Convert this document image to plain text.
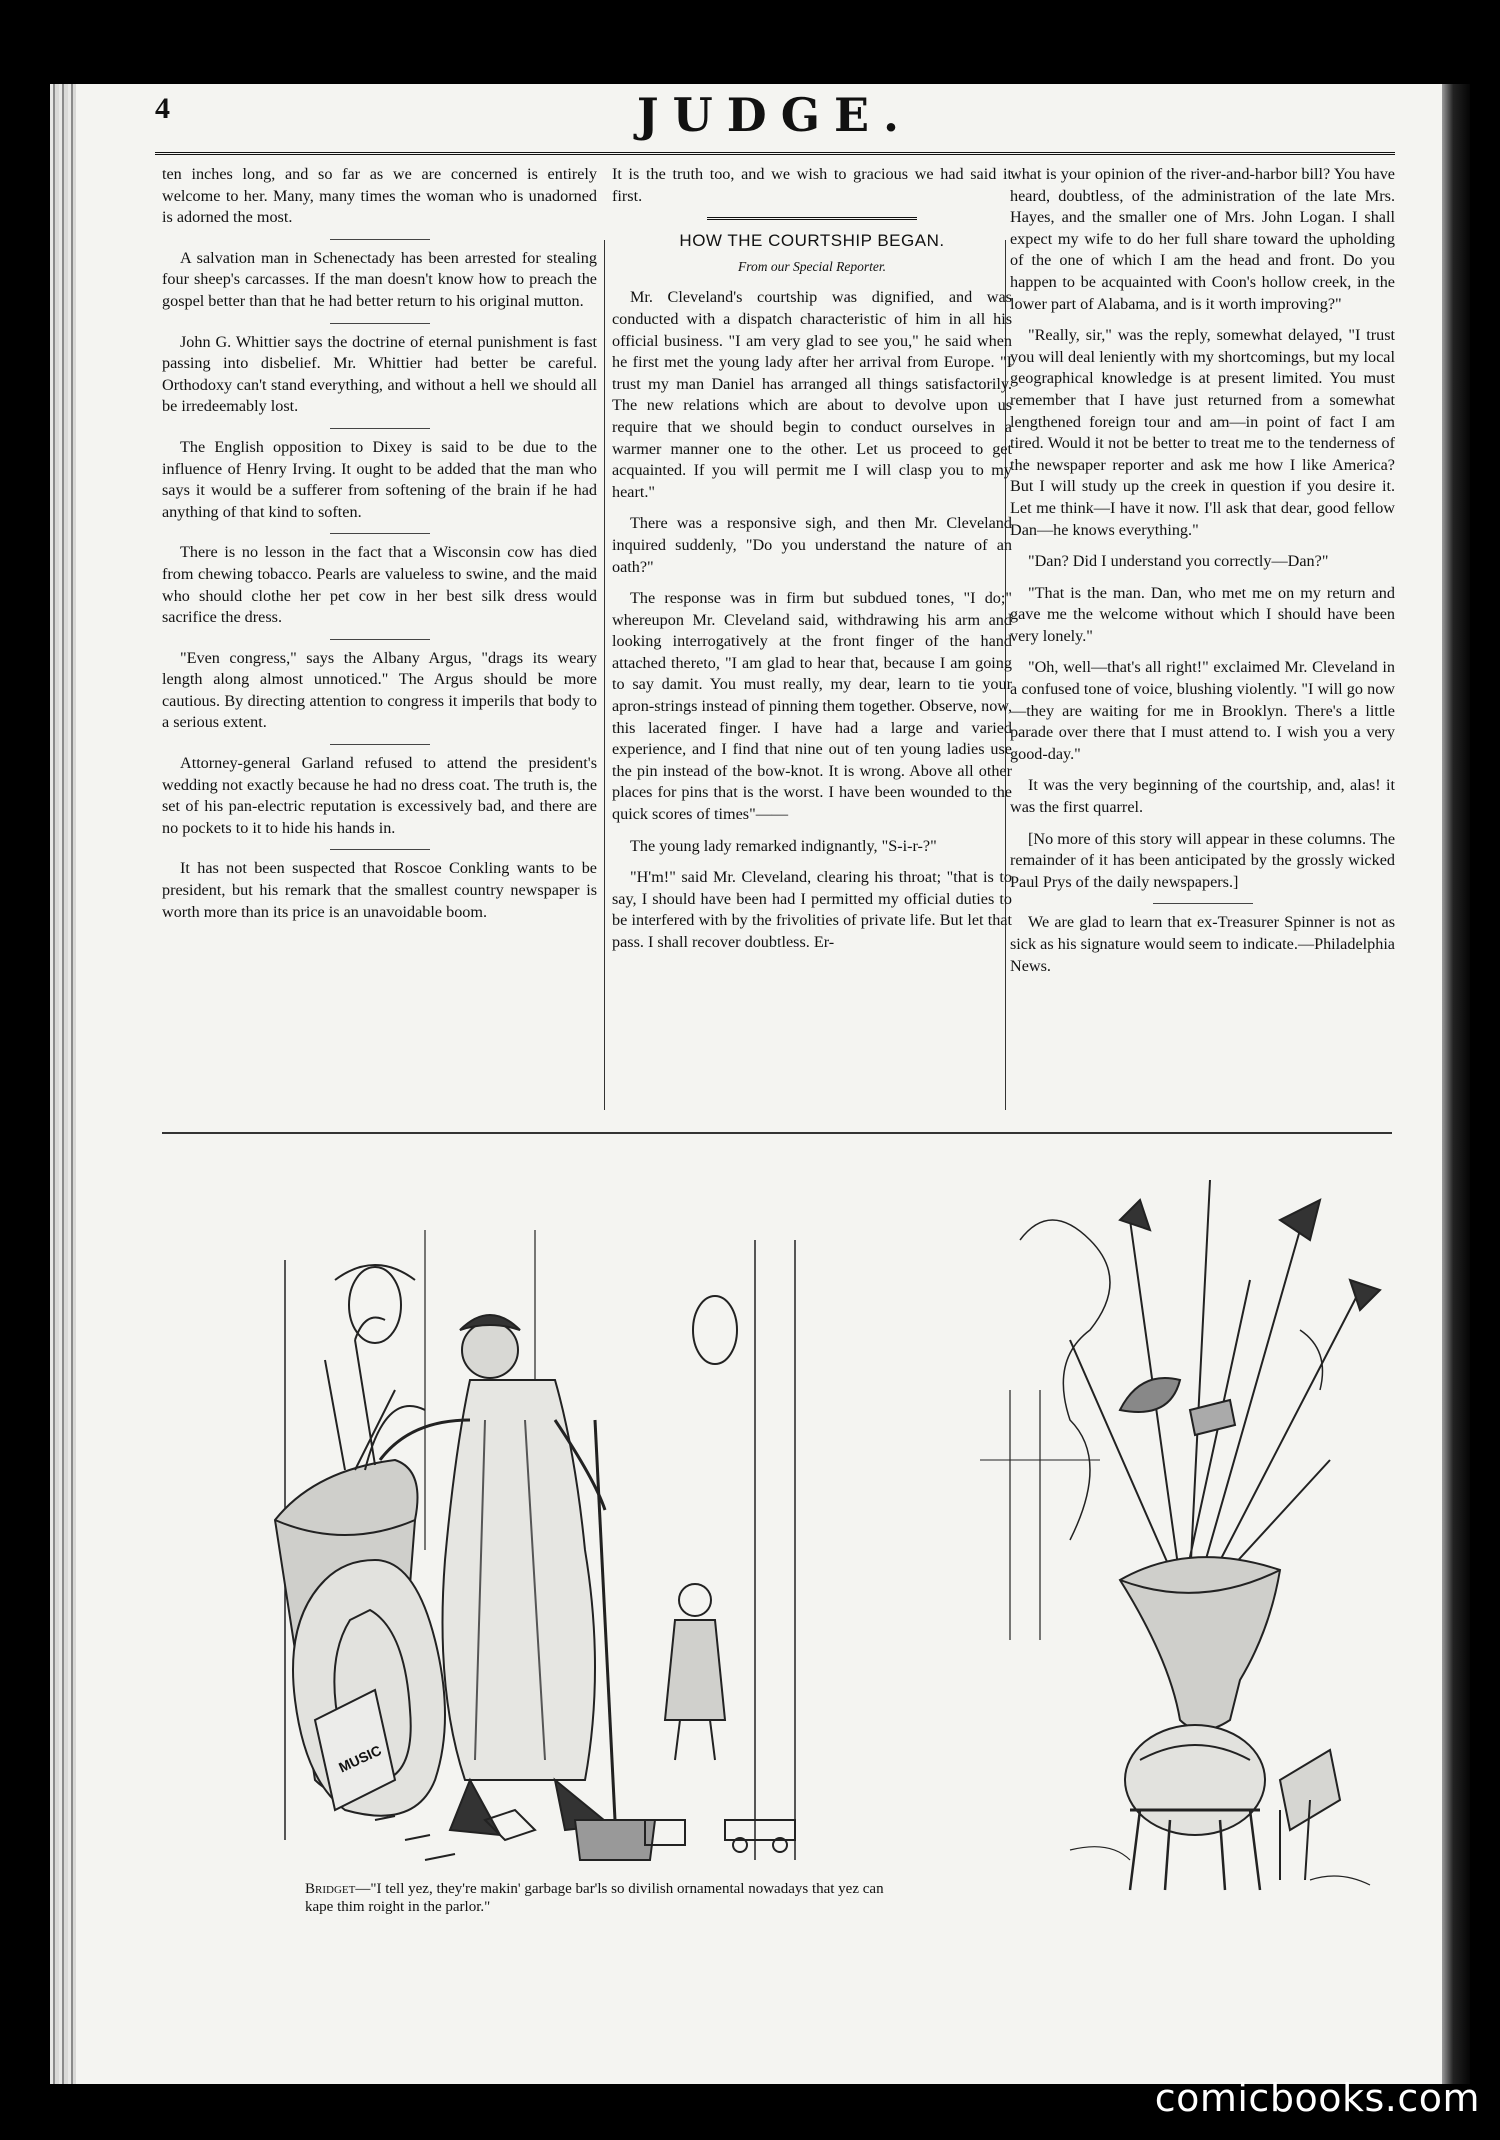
4	JUDGE.

ten inches long, and so far as we are concerned is entirely welcome to her. Many, many times the woman who is unadorned is adorned the most.

A salvation man in Schenectady has been arrested for stealing four sheep's carcasses. If the man doesn't know how to preach the gospel better than that he had better return to his original mutton.

John G. Whittier says the doctrine of eternal punishment is fast passing into disbelief. Mr. Whittier had better be careful. Orthodoxy can't stand everything, and without a hell we should all be irredeemably lost.

The English opposition to Dixey is said to be due to the influence of Henry Irving. It ought to be added that the man who says it would be a sufferer from softening of the brain if he had anything of that kind to soften.

There is no lesson in the fact that a Wisconsin cow has died from chewing tobacco. Pearls are valueless to swine, and the maid who should clothe her pet cow in her best silk dress would sacrifice the dress.

"Even congress," says the Albany Argus, "drags its weary length along almost unnoticed." The Argus should be more cautious. By directing attention to congress it imperils that body to a serious extent.

Attorney-general Garland refused to attend the president's wedding not exactly because he had no dress coat. The truth is, the set of his pan-electric reputation is excessively bad, and there are no pockets to it to hide his hands in.

It has not been suspected that Roscoe Conkling wants to be president, but his remark that the smallest country newspaper is worth more than its price is an unavoidable boom.

It is the truth too, and we wish to gracious we had said it first.

HOW THE COURTSHIP BEGAN.
From our Special Reporter.

Mr. Cleveland's courtship was dignified, and was conducted with a dispatch characteristic of him in all his official business. "I am very glad to see you," he said when he first met the young lady after her arrival from Europe. "I trust my man Daniel has arranged all things satisfactorily. The new relations which are about to devolve upon us require that we should begin to conduct ourselves in a warmer manner one to the other. Let us proceed to get acquainted. If you will permit me I will clasp you to my heart."

There was a responsive sigh, and then Mr. Cleveland inquired suddenly, "Do you understand the nature of an oath?"

The response was in firm but subdued tones, "I do;" whereupon Mr. Cleveland said, withdrawing his arm and looking interrogatively at the front finger of the hand attached thereto, "I am glad to hear that, because I am going to say damit. You must really, my dear, learn to tie your apron-strings instead of pinning them together. Observe, now, this lacerated finger. I have had a large and varied experience, and I find that nine out of ten young ladies use the pin instead of the bow-knot. It is wrong. Above all other places for pins that is the worst. I have been wounded to the quick scores of times"——

The young lady remarked indignantly, "S-i-r-?"

"H'm!" said Mr. Cleveland, clearing his throat; "that is to say, I should have been had I permitted my official duties to be interfered with by the frivolities of private life. But let that pass. I shall recover doubtless. Er-

what is your opinion of the river-and-harbor bill? You have heard, doubtless, of the administration of the late Mrs. Hayes, and the smaller one of Mrs. John Logan. I shall expect my wife to do her full share toward the upholding of the one of which I am the head and front. Do you happen to be acquainted with Coon's hollow creek, in the lower part of Alabama, and is it worth improving?"

"Really, sir," was the reply, somewhat delayed, "I trust you will deal leniently with my shortcomings, but my local geographical knowledge is at present limited. You must remember that I have just returned from a somewhat lengthened foreign tour and am—in point of fact I am tired. Would it not be better to treat me to the tenderness of the newspaper reporter and ask me how I like America? But I will study up the creek in question if you desire it. Let me think—I have it now. I'll ask that dear, good fellow Dan—he knows everything."

"Dan? Did I understand you correctly—Dan?"

"That is the man. Dan, who met me on my return and gave me the welcome without which I should have been very lonely."

"Oh, well—that's all right!" exclaimed Mr. Cleveland in a confused tone of voice, blushing violently. "I will go now—they are waiting for me in Brooklyn. There's a little parade over there that I must attend to. I wish you a very good-day."

It was the very beginning of the courtship, and, alas! it was the first quarrel.

[No more of this story will appear in these columns. The remainder of it has been anticipated by the grossly wicked Paul Prys of the daily newspapers.]

We are glad to learn that ex-Treasurer Spinner is not as sick as his signature would seem to indicate.—Philadelphia News.

MUSIC
Bridget—"I tell yez, they're makin' garbage bar'ls so divilish ornamental nowadays that yez can kape thim roight in the parlor."
comicbooks.com
